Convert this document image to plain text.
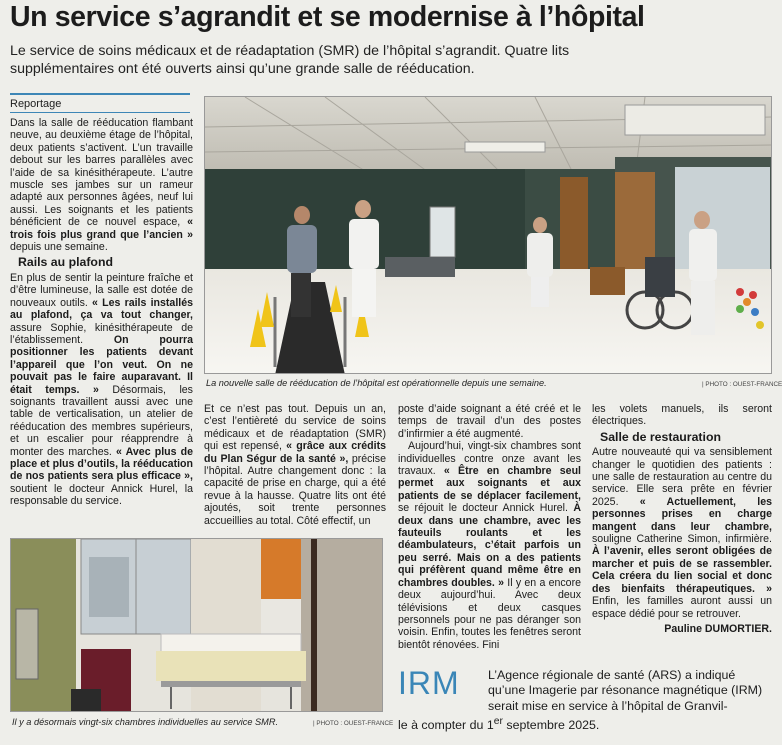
Un service s’agrandit et se modernise à l’hôpital

Le service de soins médicaux et de réadaptation (SMR) de l’hôpital s’agrandit. Quatre lits supplémentaires ont été ouverts ainsi qu’une grande salle de rééducation.

Reportage

Dans la salle de rééducation flambant neuve, au deuxième étage de l’hôpital, deux patients s’activent. L’un travaille debout sur les barres parallèles avec l’aide de sa kinésithérapeute. L’autre muscle ses jambes sur un rameur adapté aux personnes âgées, neuf lui aussi. Les soignants et les patients bénéficient de ce nouvel espace, « trois fois plus grand que l’ancien » depuis une semaine.

Rails au plafond

En plus de sentir la peinture fraîche et d’être lumineuse, la salle est dotée de nouveaux outils. « Les rails installés au plafond, ça va tout changer, assure Sophie, kinésithérapeute de l’établissement.	On pourra positionner les patients devant l’appareil que l’on veut. On ne pouvait pas le faire auparavant. Il était temps. » Désormais, les soignants travaillent aussi avec une table de verticalisation, un atelier de rééducation des membres supérieurs, et un escalier pour réapprendre à monter des marches. « Avec plus de place et plus d’outils, la rééducation de nos patients sera plus efficace », soutient le docteur Annick Hurel, la responsable du service.

La nouvelle salle de rééducation de l’hôpital est opérationnelle depuis une semaine.	| PHOTO : OUEST-FRANCE

Et ce n’est pas tout. Depuis un an, c’est l’entièreté du service de soins médicaux et de réadaptation (SMR) qui est repensé, « grâce aux crédits du Plan Ségur de la santé », précise l’hôpital. Autre changement donc : la capacité de prise en charge, qui a été revue à la hausse. Quatre lits ont été ajoutés, soit trente personnes accueillies au total. Côté effectif, un

poste d’aide soignant a été créé et le temps de travail d’un des postes d’infirmier a été augmenté.

Aujourd’hui, vingt-six chambres sont individuelles contre onze avant les travaux. « Être en chambre seul permet aux soignants et aux patients de se déplacer facilement, se réjouit le docteur Annick Hurel. À deux dans une chambre, avec les fauteuils roulants et les déambulateurs, c’était parfois un peu serré. Mais on a des patients qui préfèrent quand même être en chambres doubles. » Il y en a encore deux aujourd’hui. Avec deux télévisions et deux casques personnels pour ne pas déranger son voisin. Enfin, toutes les fenêtres seront bientôt rénovées. Fini

les volets manuels, ils seront électriques.

Salle de restauration

Autre nouveauté qui va sensiblement changer le quotidien des patients : une salle de restauration au centre du service. Elle sera prête en février 2025. « Actuellement, les personnes prises en charge mangent dans leur chambre, souligne Catherine Simon, infirmière. À l’avenir, elles seront obligées de marcher et puis de se rassembler. Cela créera du lien social et donc des bienfaits thérapeutiques. » Enfin, les familles auront aussi un espace dédié pour se retrouver.

Pauline DUMORTIER.
Il y a désormais vingt-six chambres individuelles au service SMR.	| PHOTO : OUEST-FRANCE
IRM	L’Agence régionale de santé (ARS) a indiqué qu’une Imagerie par résonance magnétique (IRM) serait mise en service à l’hôpital de Granvil-
le à compter du 1er septembre 2025.
